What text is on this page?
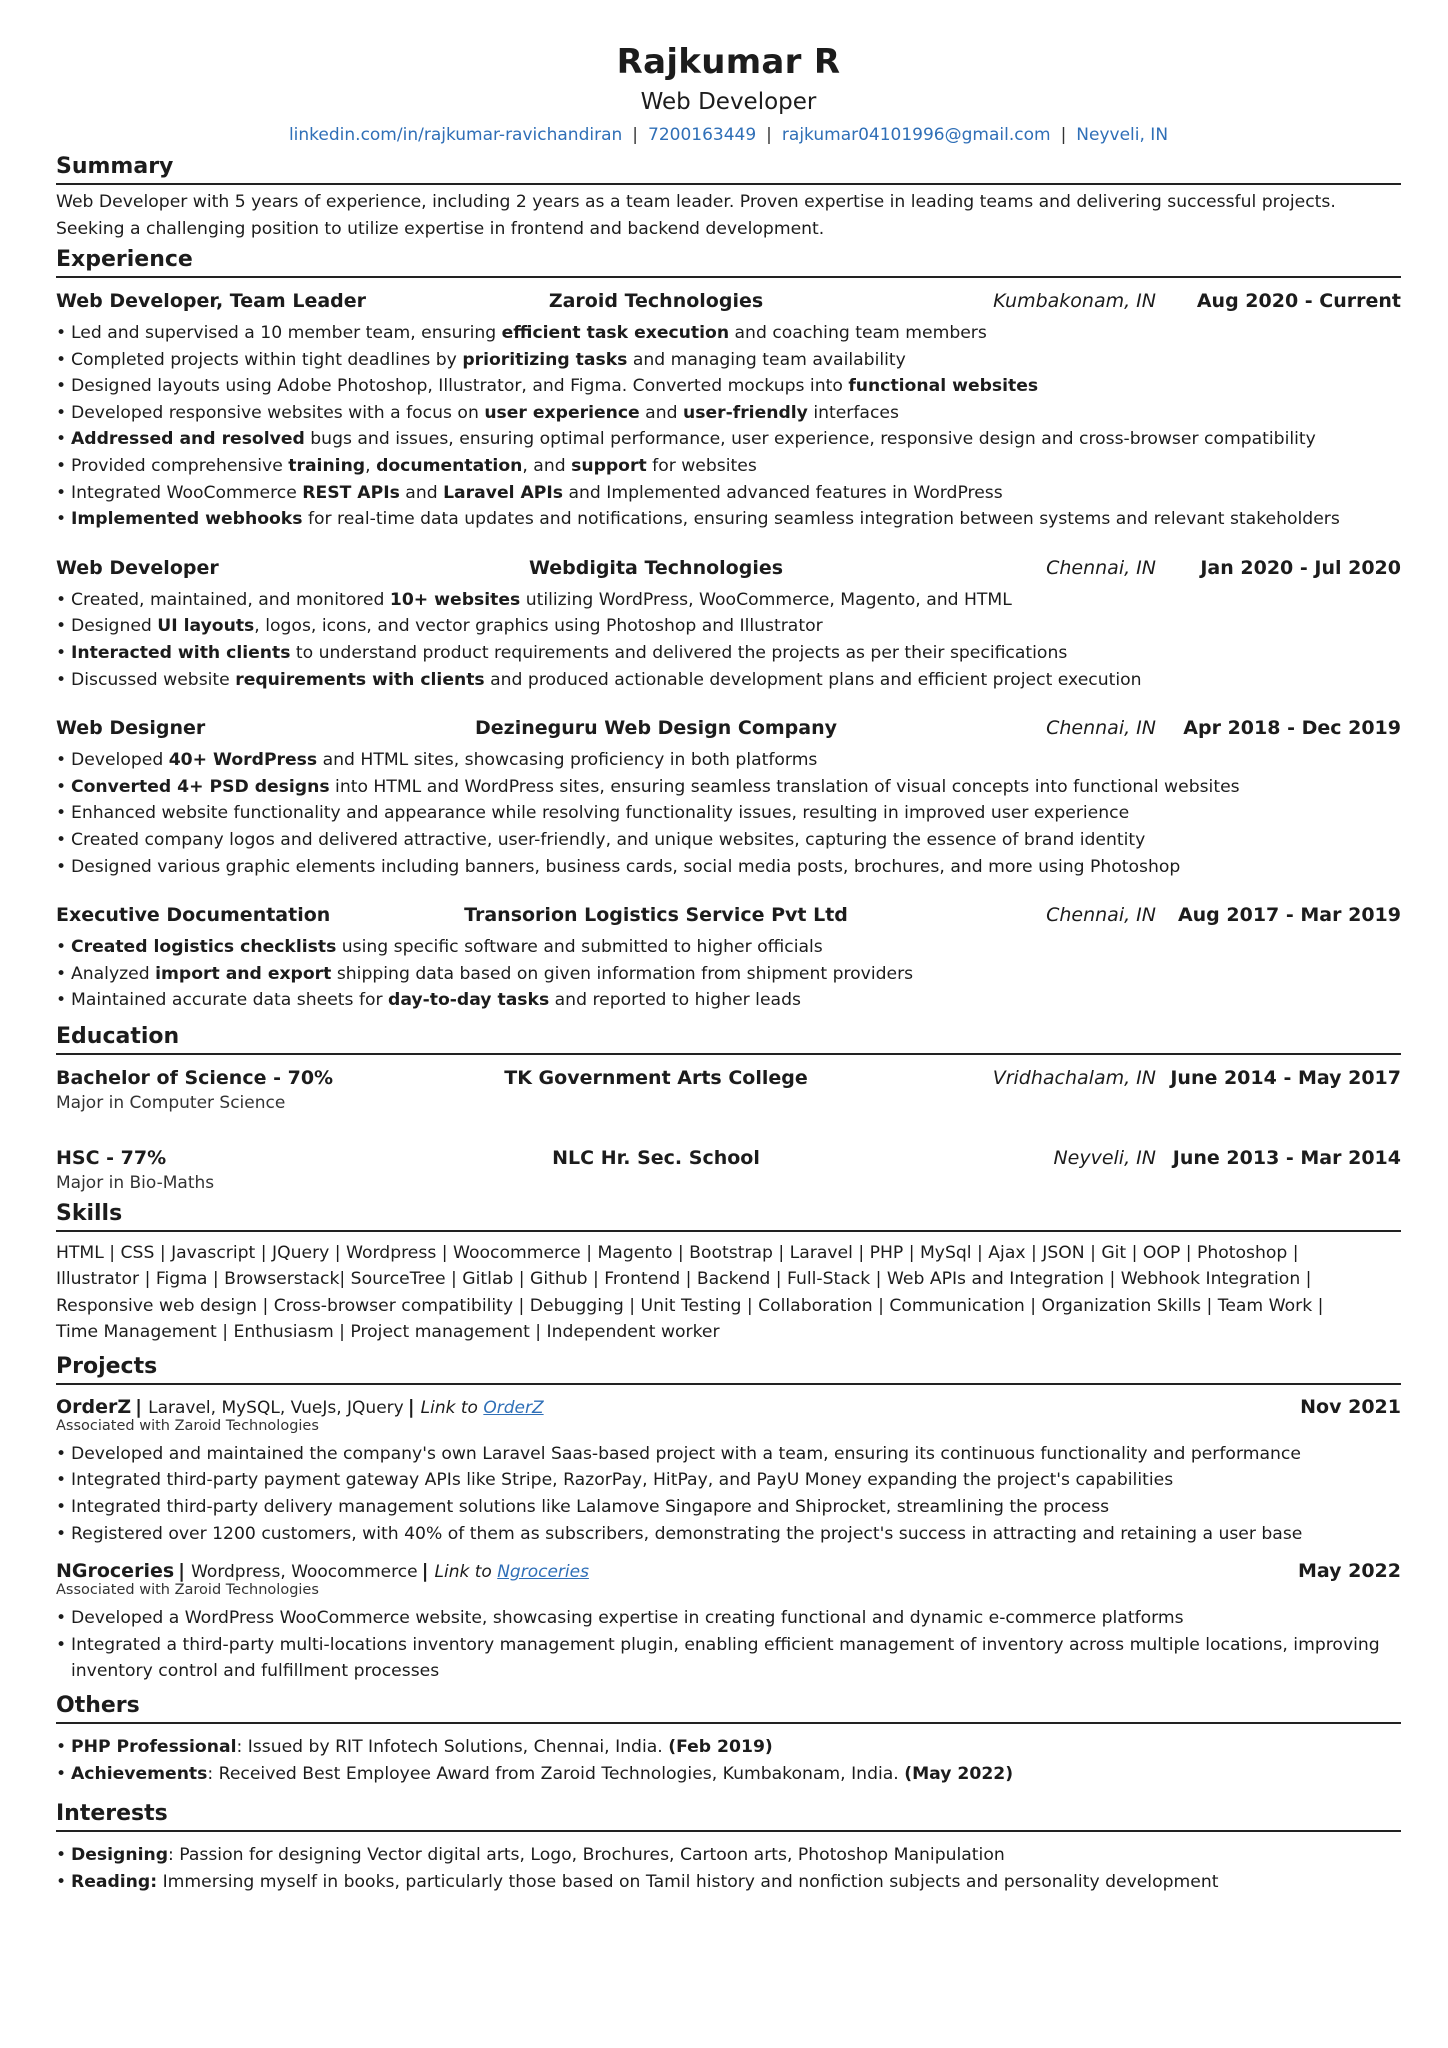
Rajkumar R
Web Developer
linkedin.com/in/rajkumar-ravichandiran | 7200163449 | rajkumar04101996@gmail.com | Neyveli, IN
Summary
Web Developer with 5 years of experience, including 2 years as a team leader. Proven expertise in leading teams and delivering successful projects.
Seeking a challenging position to utilize expertise in frontend and backend development.
Experience
Web Developer, Team Leader	Zaroid Technologies	Kumbakonam, IN Aug 2020 - Current
• Led and supervised a 10 member team, ensuring efficient task execution and coaching team members
• Completed projects within tight deadlines by prioritizing tasks and managing team availability
• Designed layouts using Adobe Photoshop, Illustrator, and Figma. Converted mockups into functional websites
• Developed responsive websites with a focus on user experience and user-friendly interfaces
• Addressed and resolved bugs and issues, ensuring optimal performance, user experience, responsive design and cross-browser compatibility
• Provided comprehensive training, documentation, and support for websites
• Integrated WooCommerce REST APIs and Laravel APIs and Implemented advanced features in WordPress
• Implemented webhooks for real-time data updates and notifications, ensuring seamless integration between systems and relevant stakeholders
Web Developer	Webdigita Technologies	Chennai, IN Jan 2020 - Jul 2020
• Created, maintained, and monitored 10+ websites utilizing WordPress, WooCommerce, Magento, and HTML
• Designed UI layouts, logos, icons, and vector graphics using Photoshop and Illustrator
• Interacted with clients to understand product requirements and delivered the projects as per their specifications
• Discussed website requirements with clients and produced actionable development plans and efficient project execution
Web Designer	Dezineguru Web Design Company	Chennai, IN Apr 2018 - Dec 2019
• Developed 40+ WordPress and HTML sites, showcasing proficiency in both platforms
• Converted 4+ PSD designs into HTML and WordPress sites, ensuring seamless translation of visual concepts into functional websites
• Enhanced website functionality and appearance while resolving functionality issues, resulting in improved user experience
• Created company logos and delivered attractive, user-friendly, and unique websites, capturing the essence of brand identity
• Designed various graphic elements including banners, business cards, social media posts, brochures, and more using Photoshop
Executive Documentation	Transorion Logistics Service Pvt Ltd	Chennai, IN Aug 2017 - Mar 2019
• Created logistics checklists using specific software and submitted to higher officials
• Analyzed import and export shipping data based on given information from shipment providers
• Maintained accurate data sheets for day-to-day tasks and reported to higher leads
Education
Bachelor of Science - 70%	TK Government Arts College	Vridhachalam, IN June 2014 - May 2017
Major in Computer Science
HSC - 77%	NLC Hr. Sec. School	Neyveli, IN June 2013 - Mar 2014
Major in Bio-Maths
Skills
HTML | CSS | Javascript | JQuery | Wordpress | Woocommerce | Magento | Bootstrap | Laravel | PHP | MySql | Ajax | JSON | Git | OOP | Photoshop |
Illustrator | Figma | Browserstack| SourceTree | Gitlab | Github | Frontend | Backend | Full-Stack | Web APIs and Integration | Webhook Integration |
Responsive web design | Cross-browser compatibility | Debugging | Unit Testing | Collaboration | Communication | Organization Skills | Team Work |
Time Management | Enthusiasm | Project management | Independent worker
Projects
OrderZ | Laravel, MySQL, VueJs, JQuery | Link to OrderZ	Nov 2021
Associated with Zaroid Technologies
• Developed and maintained the company's own Laravel Saas-based project with a team, ensuring its continuous functionality and performance
• Integrated third-party payment gateway APIs like Stripe, RazorPay, HitPay, and PayU Money expanding the project's capabilities
• Integrated third-party delivery management solutions like Lalamove Singapore and Shiprocket, streamlining the process
• Registered over 1200 customers, with 40% of them as subscribers, demonstrating the project's success in attracting and retaining a user base
NGroceries | Wordpress, Woocommerce | Link to Ngroceries	May 2022
Associated with Zaroid Technologies
• Developed a WordPress WooCommerce website, showcasing expertise in creating functional and dynamic e-commerce platforms
• Integrated a third-party multi-locations inventory management plugin, enabling efficient management of inventory across multiple locations, improving inventory control and fulfillment processes
Others
• PHP Professional: Issued by RIT Infotech Solutions, Chennai, India. (Feb 2019)
• Achievements: Received Best Employee Award from Zaroid Technologies, Kumbakonam, India. (May 2022)
Interests
• Designing: Passion for designing Vector digital arts, Logo, Brochures, Cartoon arts, Photoshop Manipulation
• Reading: Immersing myself in books, particularly those based on Tamil history and nonfiction subjects and personality development
